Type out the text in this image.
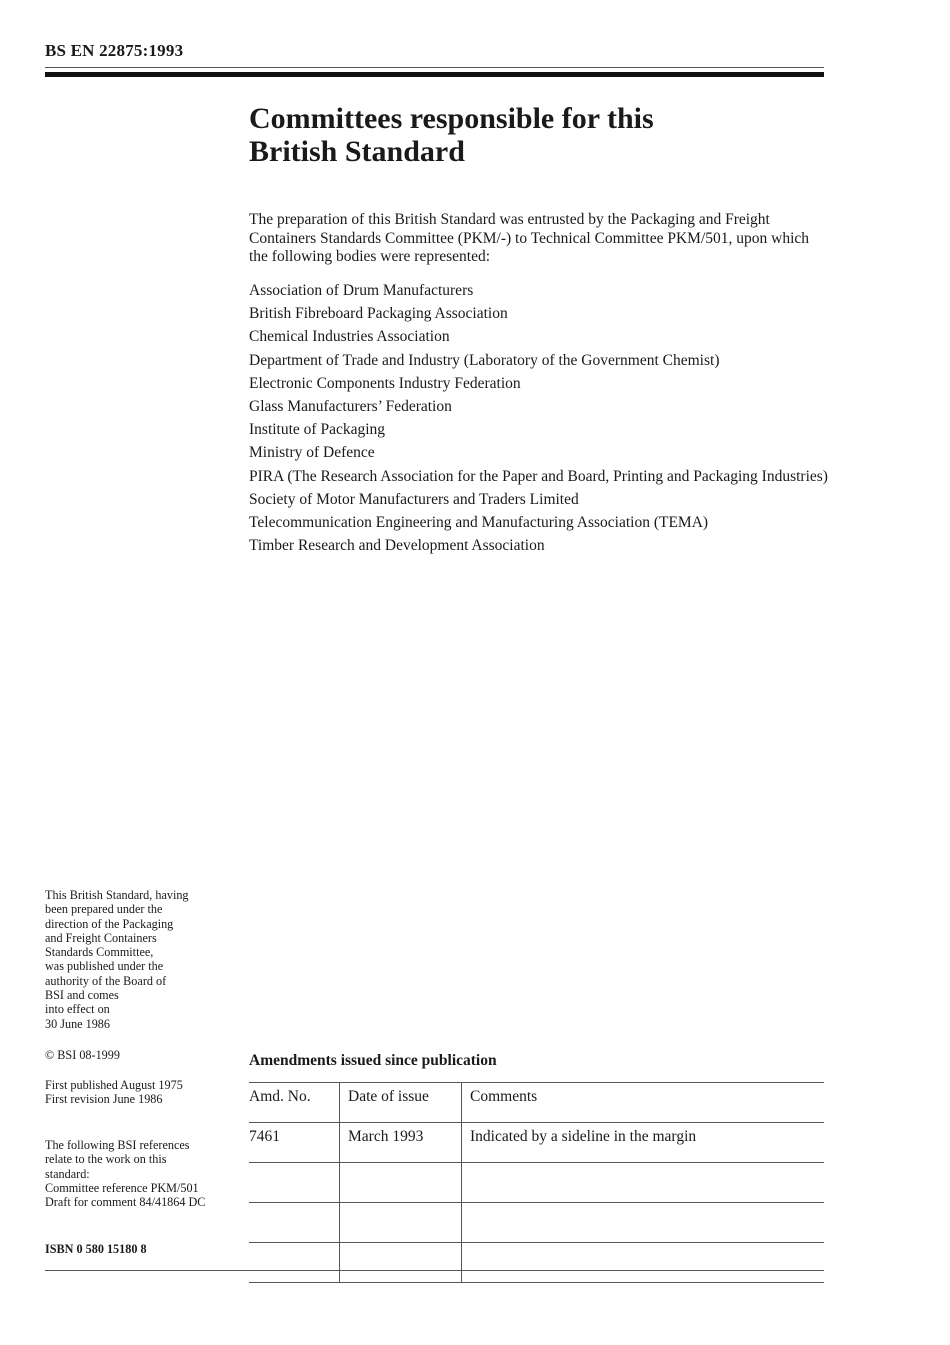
BS EN 22875:1993
Committees responsible for this
British Standard

The preparation of this British Standard was entrusted by the Packaging and Freight Containers Standards Committee (PKM/-) to Technical Committee PKM/501, upon which the following bodies were represented:

Association of Drum Manufacturers
British Fibreboard Packaging Association
Chemical Industries Association
Department of Trade and Industry (Laboratory of the Government Chemist)
Electronic Components Industry Federation
Glass Manufacturers’ Federation
Institute of Packaging
Ministry of Defence
PIRA (The Research Association for the Paper and Board, Printing and Packaging Industries)
Society of Motor Manufacturers and Traders Limited
Telecommunication Engineering and Manufacturing Association (TEMA)
Timber Research and Development Association

This British Standard, having

been prepared under the

direction of the Packaging

and Freight Containers

Standards Committee,

was published under the

authority of the Board of

BSI and comes

into effect on

30 June 1986

© BSI 08-1999

First published August 1975

First revision June 1986

The following BSI references

relate to the work on this

standard:

Committee reference PKM/501

Draft for comment 84/41864 DC

ISBN 0 580 15180 8

Amendments issued since publication
Amd. No.	Date of issue	Comments
7461	March 1993	Indicated by a sideline in the margin
